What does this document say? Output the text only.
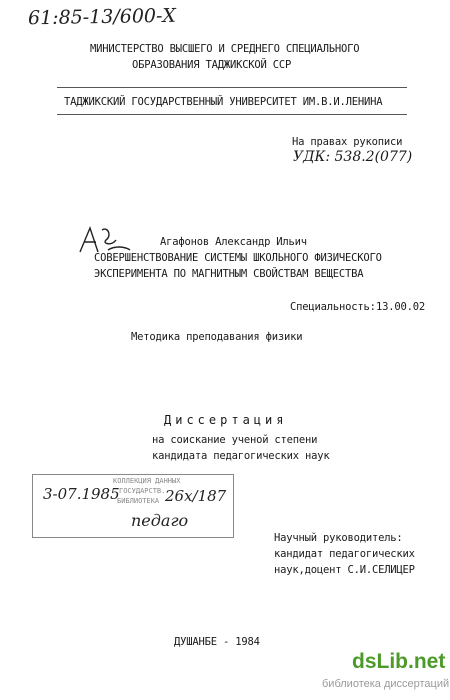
61:85-13/600-Х
МИНИСТЕРСТВО ВЫСШЕГО И СРЕДНЕГО СПЕЦИАЛЬНОГО
ОБРАЗОВАНИЯ ТАДЖИКСКОЙ ССР
ТАДЖИКСКИЙ ГОСУДАРСТВЕННЫЙ УНИВЕРСИТЕТ ИМ.В.И.ЛЕНИНА
На правах рукописи
УДК: 538.2(077)
Агафонов Александр Ильич
СОВЕРШЕНСТВОВАНИЕ СИСТЕМЫ ШКОЛЬНОГО ФИЗИЧЕСКОГО
ЭКСПЕРИМЕНТА ПО МАГНИТНЫМ СВОЙСТВАМ ВЕЩЕСТВА
Специальность: 13.00.02
Методика преподавания физики
Диссертация
на соискание ученой степени
кандидата педагогических наук
КОЛЛЕКЦИЯ ДАННЫХ
ГОСУДАРСТВ.
БИБЛИОТЕКА
3-07.1985	26х/187
педаго
Научный руководитель:
кандидат педагогических
наук,доцент С.И.СЕЛИЦЕР
ДУШАНБЕ - 1984
dsLib.net
библиотека диссертаций
